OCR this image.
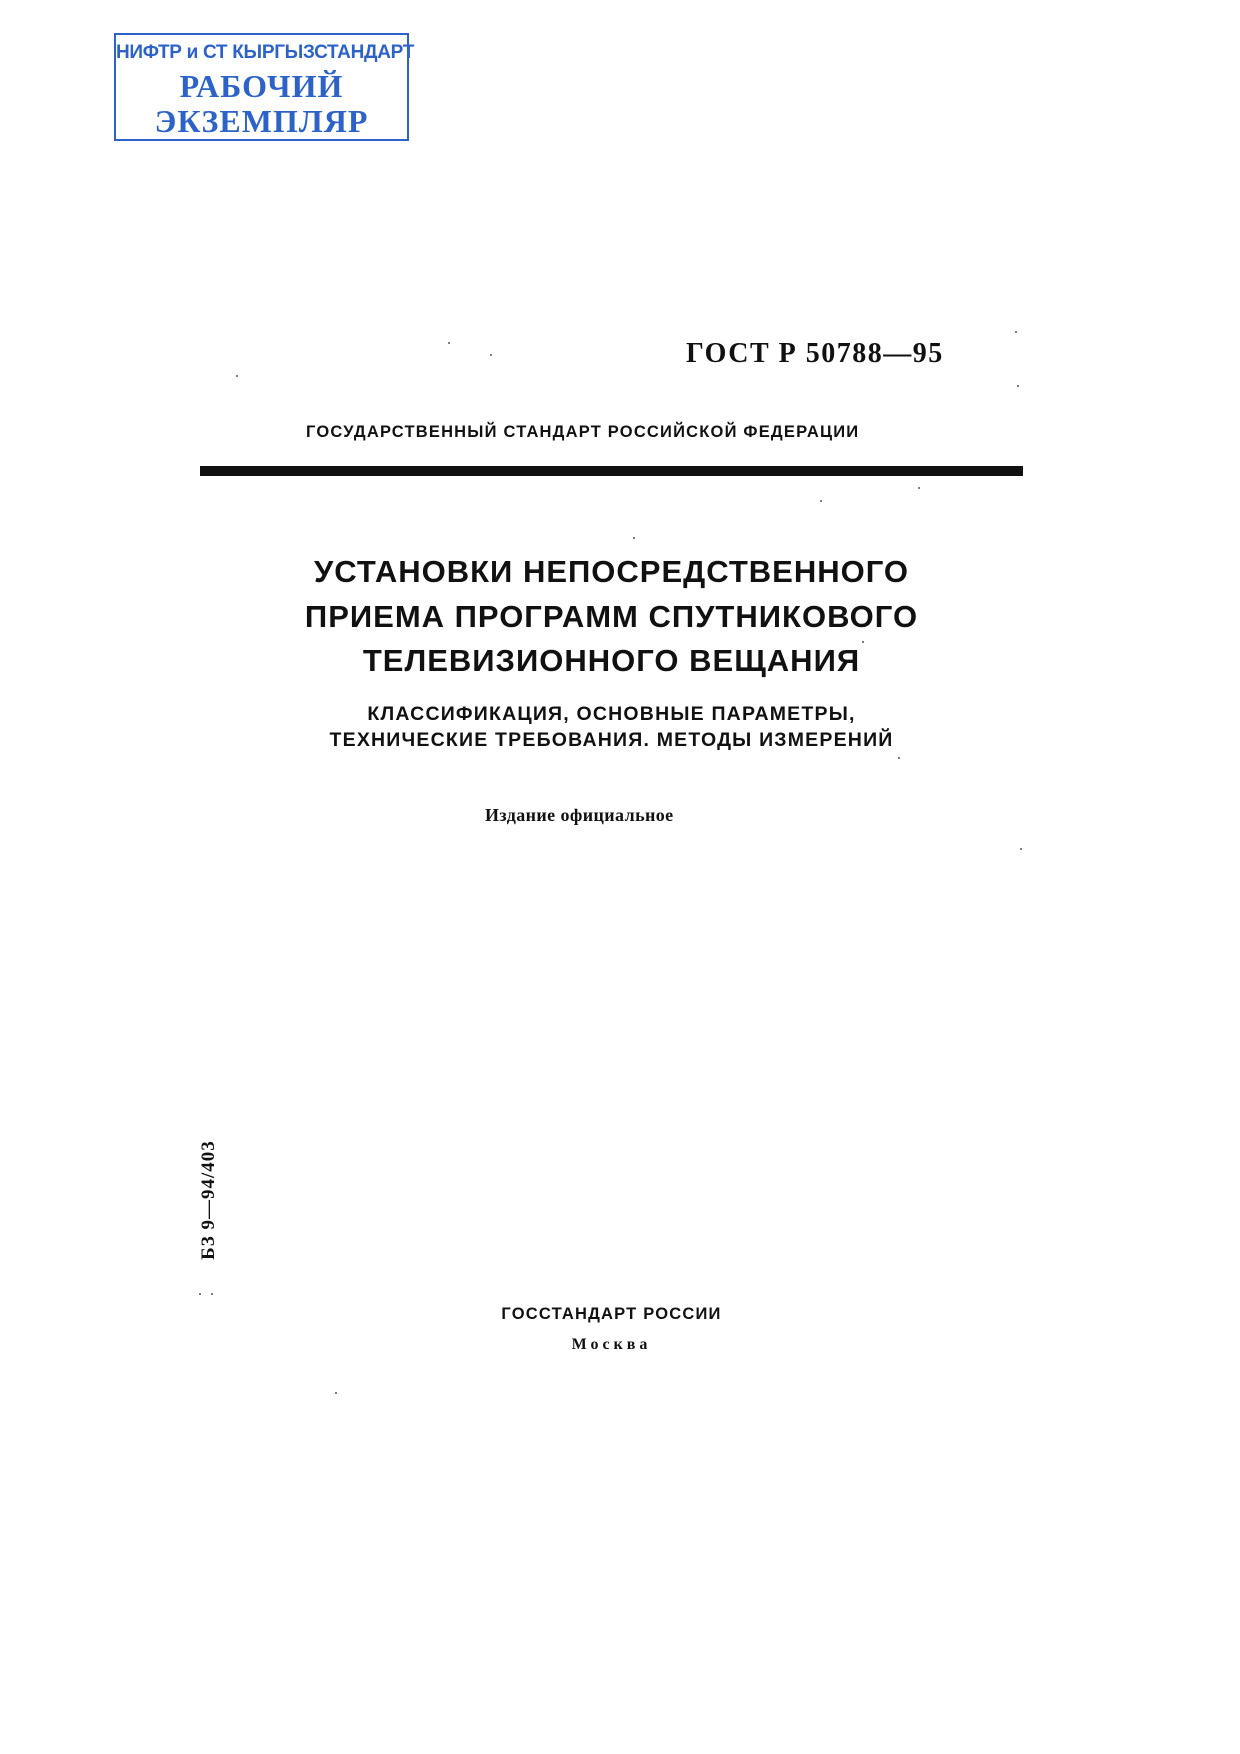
НИФТР и СТ КЫРГЫЗСТАНДАРТ
РАБОЧИЙ
ЭКЗЕМПЛЯР
ГОСТ Р 50788—95
ГОСУДАРСТВЕННЫЙ СТАНДАРТ РОССИЙСКОЙ ФЕДЕРАЦИИ
УСТАНОВКИ НЕПОСРЕДСТВЕННОГО
ПРИЕМА ПРОГРАММ СПУТНИКОВОГО
ТЕЛЕВИЗИОННОГО ВЕЩАНИЯ
КЛАССИФИКАЦИЯ, ОСНОВНЫЕ ПАРАМЕТРЫ,
ТЕХНИЧЕСКИЕ ТРЕБОВАНИЯ. МЕТОДЫ ИЗМЕРЕНИЙ
Издание официальное
БЗ 9—94/403
ГОССТАНДАРТ РОССИИ
Москва
